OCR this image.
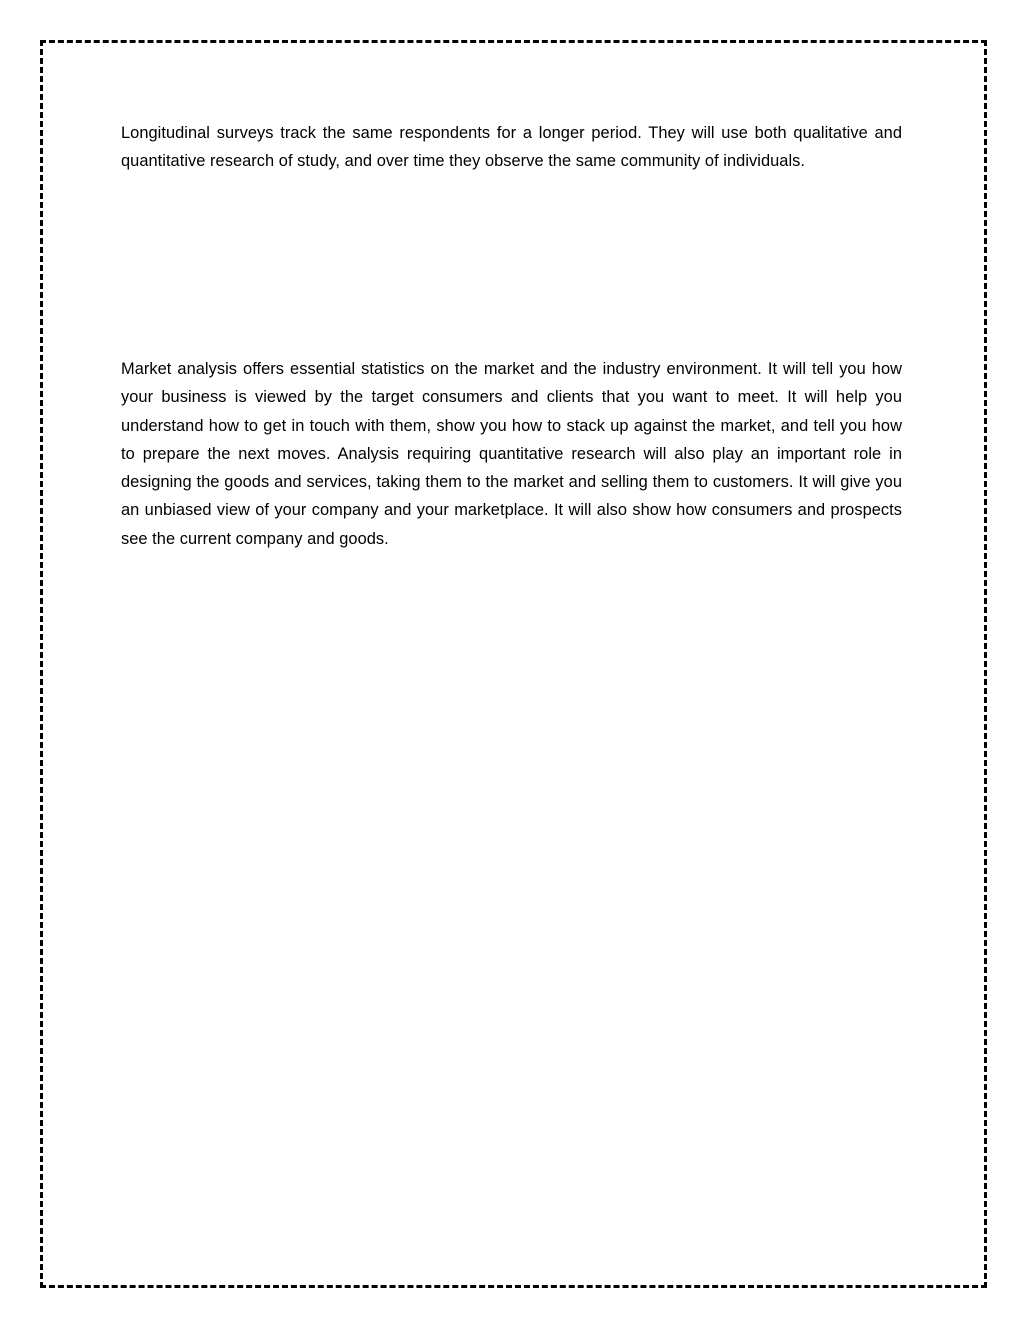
Longitudinal surveys track the same respondents for a longer period. They will use both qualitative and quantitative research of study, and over time they observe the same community of individuals.

Market analysis offers essential statistics on the market and the industry environment. It will tell you how your business is viewed by the target consumers and clients that you want to meet. It will help you understand how to get in touch with them, show you how to stack up against the market, and tell you how to prepare the next moves. Analysis requiring quantitative research will also play an important role in designing the goods and services, taking them to the market and selling them to customers. It will give you an unbiased view of your company and your marketplace. It will also show how consumers and prospects see the current company and goods.
